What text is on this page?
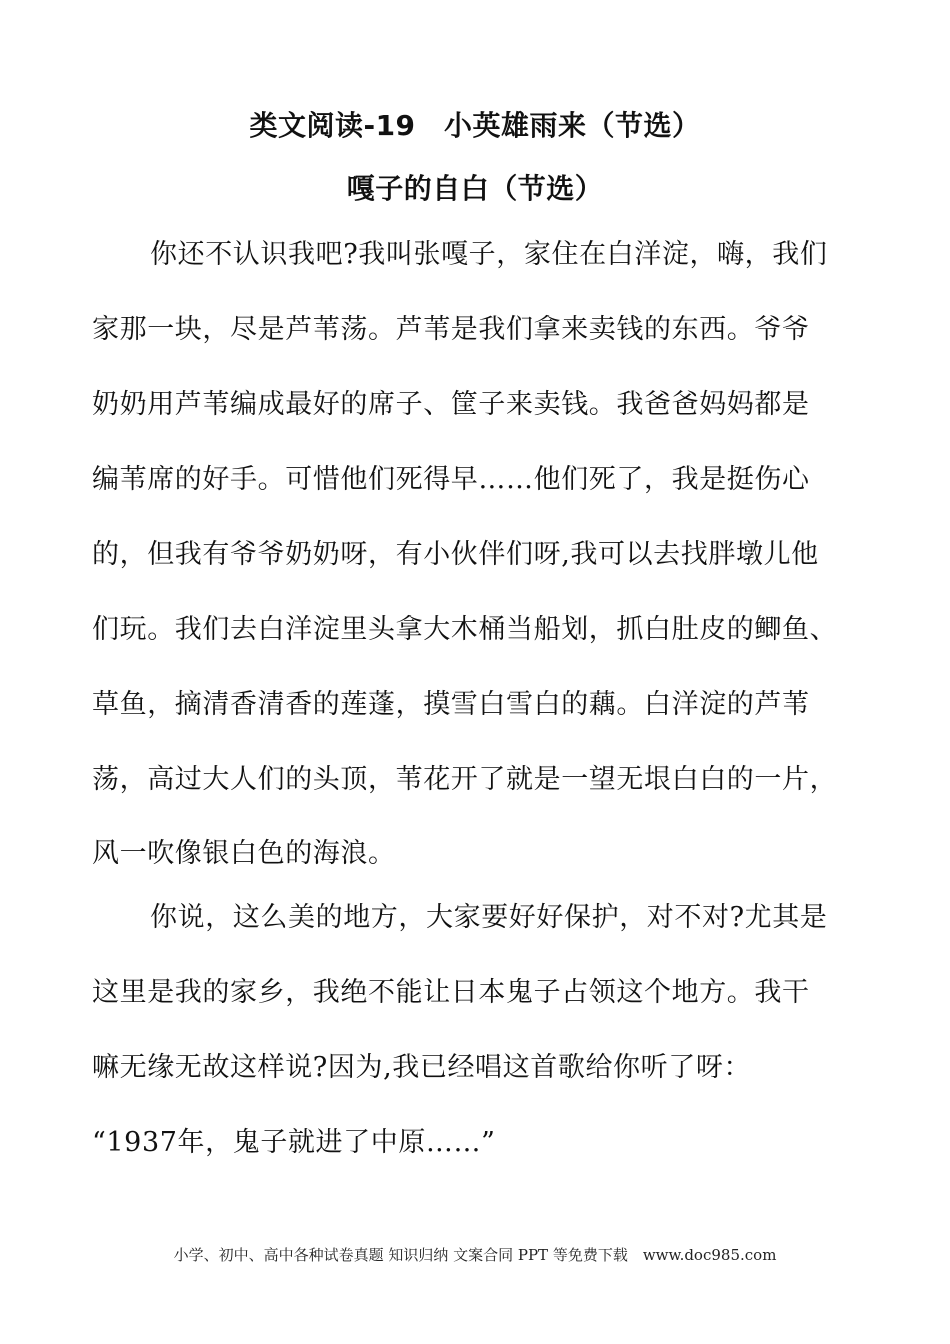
类文阅读-19　小英雄雨来（节选）
嘎子的自白（节选）
你还不认识我吧?我叫张嘎子，家住在白洋淀，嗨，我们
家那一块，尽是芦苇荡。芦苇是我们拿来卖钱的东西。爷爷
奶奶用芦苇编成最好的席子、筐子来卖钱。我爸爸妈妈都是
编苇席的好手。可惜他们死得早……他们死了，我是挺伤心
的，但我有爷爷奶奶呀，有小伙伴们呀,我可以去找胖墩儿他
们玩。我们去白洋淀里头拿大木桶当船划，抓白肚皮的鲫鱼、
草鱼，摘清香清香的莲蓬，摸雪白雪白的藕。白洋淀的芦苇
荡，高过大人们的头顶，苇花开了就是一望无垠白白的一片，
风一吹像银白色的海浪。
你说，这么美的地方，大家要好好保护，对不对?尤其是
这里是我的家乡，我绝不能让日本鬼子占领这个地方。我干
嘛无缘无故这样说?因为,我已经唱这首歌给你听了呀：
“1937年，鬼子就进了中原……”
小学、初中、高中各种试卷真题 知识归纳 文案合同 PPT 等免费下载　www.doc985.com
